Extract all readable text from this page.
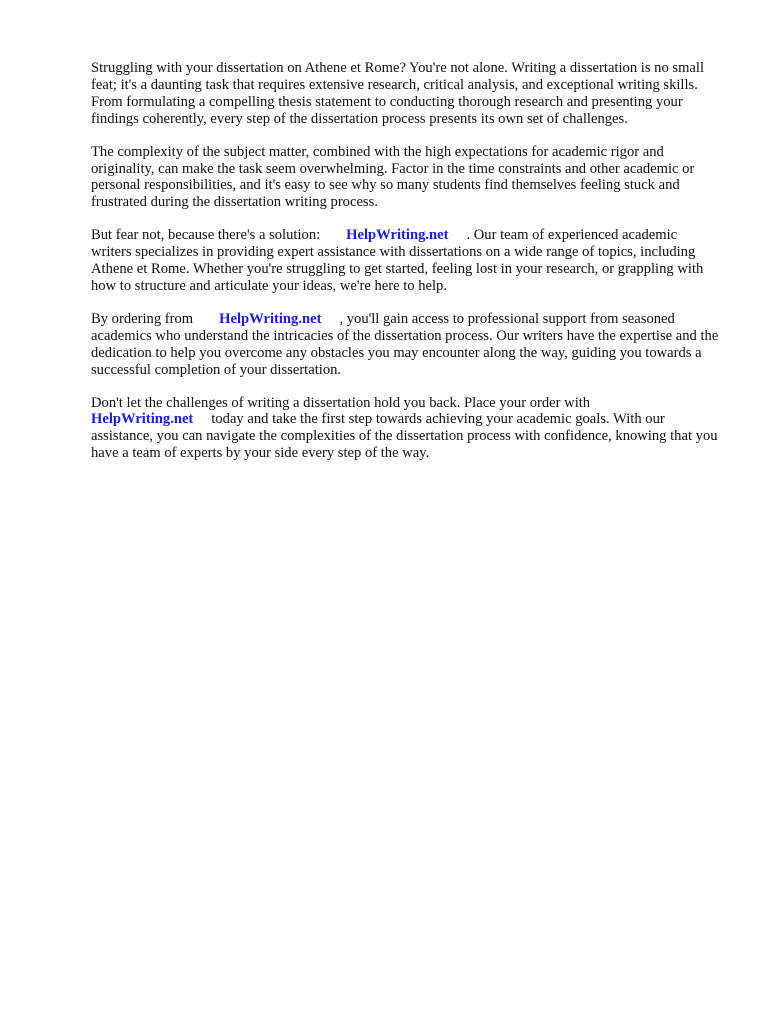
Struggling with your dissertation on Athene et Rome? You're not alone. Writing a dissertation is no small feat; it's a daunting task that requires extensive research, critical analysis, and exceptional writing skills. From formulating a compelling thesis statement to conducting thorough research and presenting your findings coherently, every step of the dissertation process presents its own set of challenges.

The complexity of the subject matter, combined with the high expectations for academic rigor and originality, can make the task seem overwhelming. Factor in the time constraints and other academic or personal responsibilities, and it's easy to see why so many students find themselves feeling stuck and frustrated during the dissertation writing process.

But fear not, because there's a solution: HelpWriting.net . Our team of experienced academic writers specializes in providing expert assistance with dissertations on a wide range of topics, including Athene et Rome. Whether you're struggling to get started, feeling lost in your research, or grappling with how to structure and articulate your ideas, we're here to help.

By ordering from HelpWriting.net , you'll gain access to professional support from seasoned academics who understand the intricacies of the dissertation process. Our writers have the expertise and the dedication to help you overcome any obstacles you may encounter along the way, guiding you towards a successful completion of your dissertation.

Don't let the challenges of writing a dissertation hold you back. Place your order with HelpWriting.net today and take the first step towards achieving your academic goals. With our assistance, you can navigate the complexities of the dissertation process with confidence, knowing that you have a team of experts by your side every step of the way.
